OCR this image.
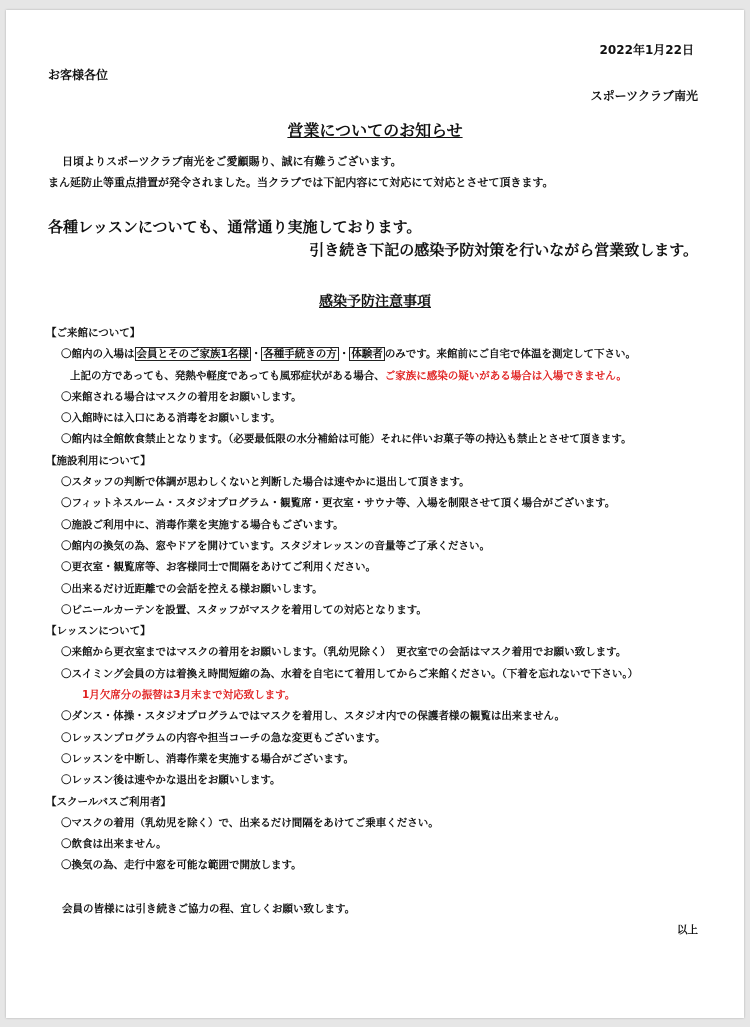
2022年1月22日
お客様各位
スポーツクラブ南光
営業についてのお知らせ
日頃よりスポーツクラブ南光をご愛顧賜り、誠に有難うございます。
まん延防止等重点措置が発令されました。当クラブでは下記内容にて対応にて対応とさせて頂きます。
各種レッスンについても、通常通り実施しております。
引き続き下記の感染予防対策を行いながら営業致します。
感染予防注意事項
【ご来館について】
〇館内の入場は 会員とそのご家族1名様 ・ 各種手続きの方 ・ 体験者 のみです。来館前にご自宅で体温を測定して下さい。
上記の方であっても、発熱や軽度であっても風邪症状がある場合、ご家族に感染の疑いがある場合は入場できません。
〇来館される場合はマスクの着用をお願いします。
〇入館時には入口にある消毒をお願いします。
〇館内は全館飲食禁止となります。（必要最低限の水分補給は可能）それに伴いお菓子等の持込も禁止とさせて頂きます。
【施設利用について】
〇スタッフの判断で体調が思わしくないと判断した場合は速やかに退出して頂きます。
〇フィットネスルーム・スタジオプログラム・観覧席・更衣室・サウナ等、入場を制限させて頂く場合がございます。
〇施設ご利用中に、消毒作業を実施する場合もございます。
〇館内の換気の為、窓やドアを開けています。スタジオレッスンの音量等ご了承ください。
〇更衣室・観覧席等、お客様同士で間隔をあけてご利用ください。
〇出来るだけ近距離での会話を控える様お願いします。
〇ビニールカーテンを設置、スタッフがマスクを着用しての対応となります。
【レッスンについて】
〇来館から更衣室まではマスクの着用をお願いします。（乳幼児除く）　更衣室での会話はマスク着用でお願い致します。
〇スイミング会員の方は着換え時間短縮の為、水着を自宅にて着用してからご来館ください。（下着を忘れないで下さい。）
1月欠席分の振替は3月末まで対応致します。
〇ダンス・体操・スタジオプログラムではマスクを着用し、スタジオ内での保護者様の観覧は出来ません。
〇レッスンプログラムの内容や担当コーチの急な変更もございます。
〇レッスンを中断し、消毒作業を実施する場合がございます。
〇レッスン後は速やかな退出をお願いします。
【スクールバスご利用者】
〇マスクの着用（乳幼児を除く）で、出来るだけ間隔をあけてご乗車ください。
〇飲食は出来ません。
〇換気の為、走行中窓を可能な範囲で開放します。
会員の皆様には引き続きご協力の程、宜しくお願い致します。
以上
